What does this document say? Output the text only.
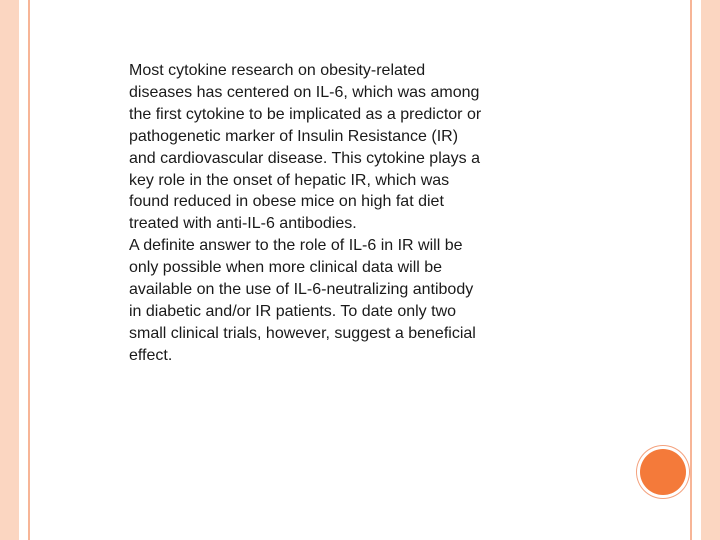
Most cytokine research on obesity-related
diseases has centered on IL-6, which was among
the first cytokine to be implicated as a predictor or
pathogenetic marker of Insulin Resistance (IR)
and cardiovascular disease. This cytokine plays a
key role in the onset of hepatic IR, which was
found reduced in obese mice on high fat diet
treated with anti-IL-6 antibodies.

A definite answer to the role of IL-6 in IR will be
only possible when more clinical data will be
available on the use of IL-6-neutralizing antibody
in diabetic and/or IR patients. To date only two
small clinical trials, however, suggest a beneficial
effect.
